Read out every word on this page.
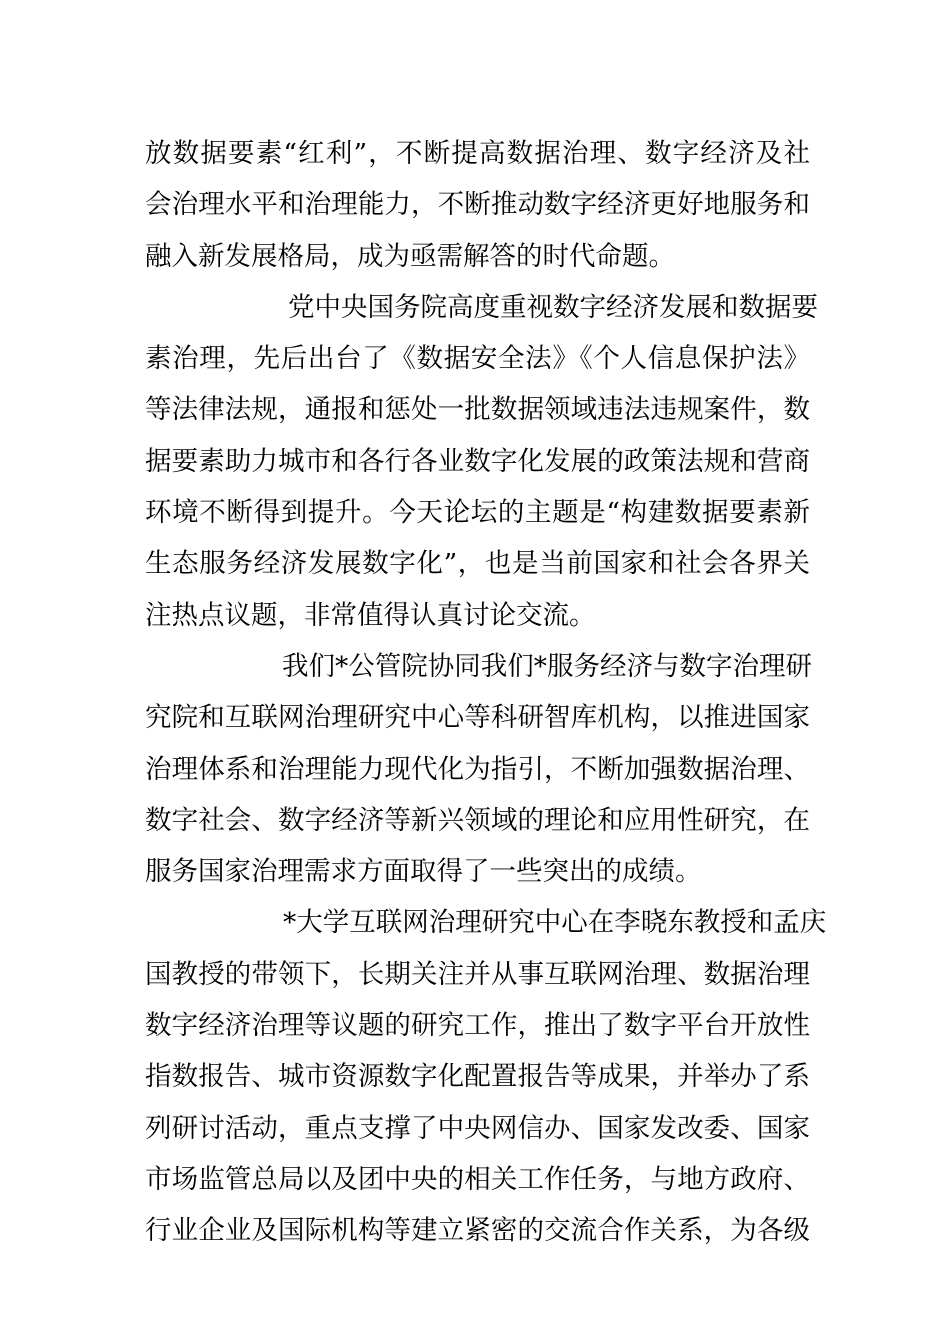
放数据要素“红利”，不断提高数据治理、数字经济及社
会治理水平和治理能力，不断推动数字经济更好地服务和
融入新发展格局，成为亟需解答的时代命题。
党中央国务院高度重视数字经济发展和数据要
素治理，先后出台了《数据安全法》《个人信息保护法》
等法律法规，通报和惩处一批数据领域违法违规案件，数
据要素助力城市和各行各业数字化发展的政策法规和营商
环境不断得到提升。今天论坛的主题是“构建数据要素新
生态服务经济发展数字化”，也是当前国家和社会各界关
注热点议题，非常值得认真讨论交流。
我们*公管院协同我们*服务经济与数字治理研
究院和互联网治理研究中心等科研智库机构，以推进国家
治理体系和治理能力现代化为指引，不断加强数据治理、
数字社会、数字经济等新兴领域的理论和应用性研究，在
服务国家治理需求方面取得了一些突出的成绩。
*大学互联网治理研究中心在李晓东教授和孟庆
国教授的带领下，长期关注并从事互联网治理、数据治理
数字经济治理等议题的研究工作，推出了数字平台开放性
指数报告、城市资源数字化配置报告等成果，并举办了系
列研讨活动，重点支撑了中央网信办、国家发改委、国家
市场监管总局以及团中央的相关工作任务，与地方政府、
行业企业及国际机构等建立紧密的交流合作关系，为各级
